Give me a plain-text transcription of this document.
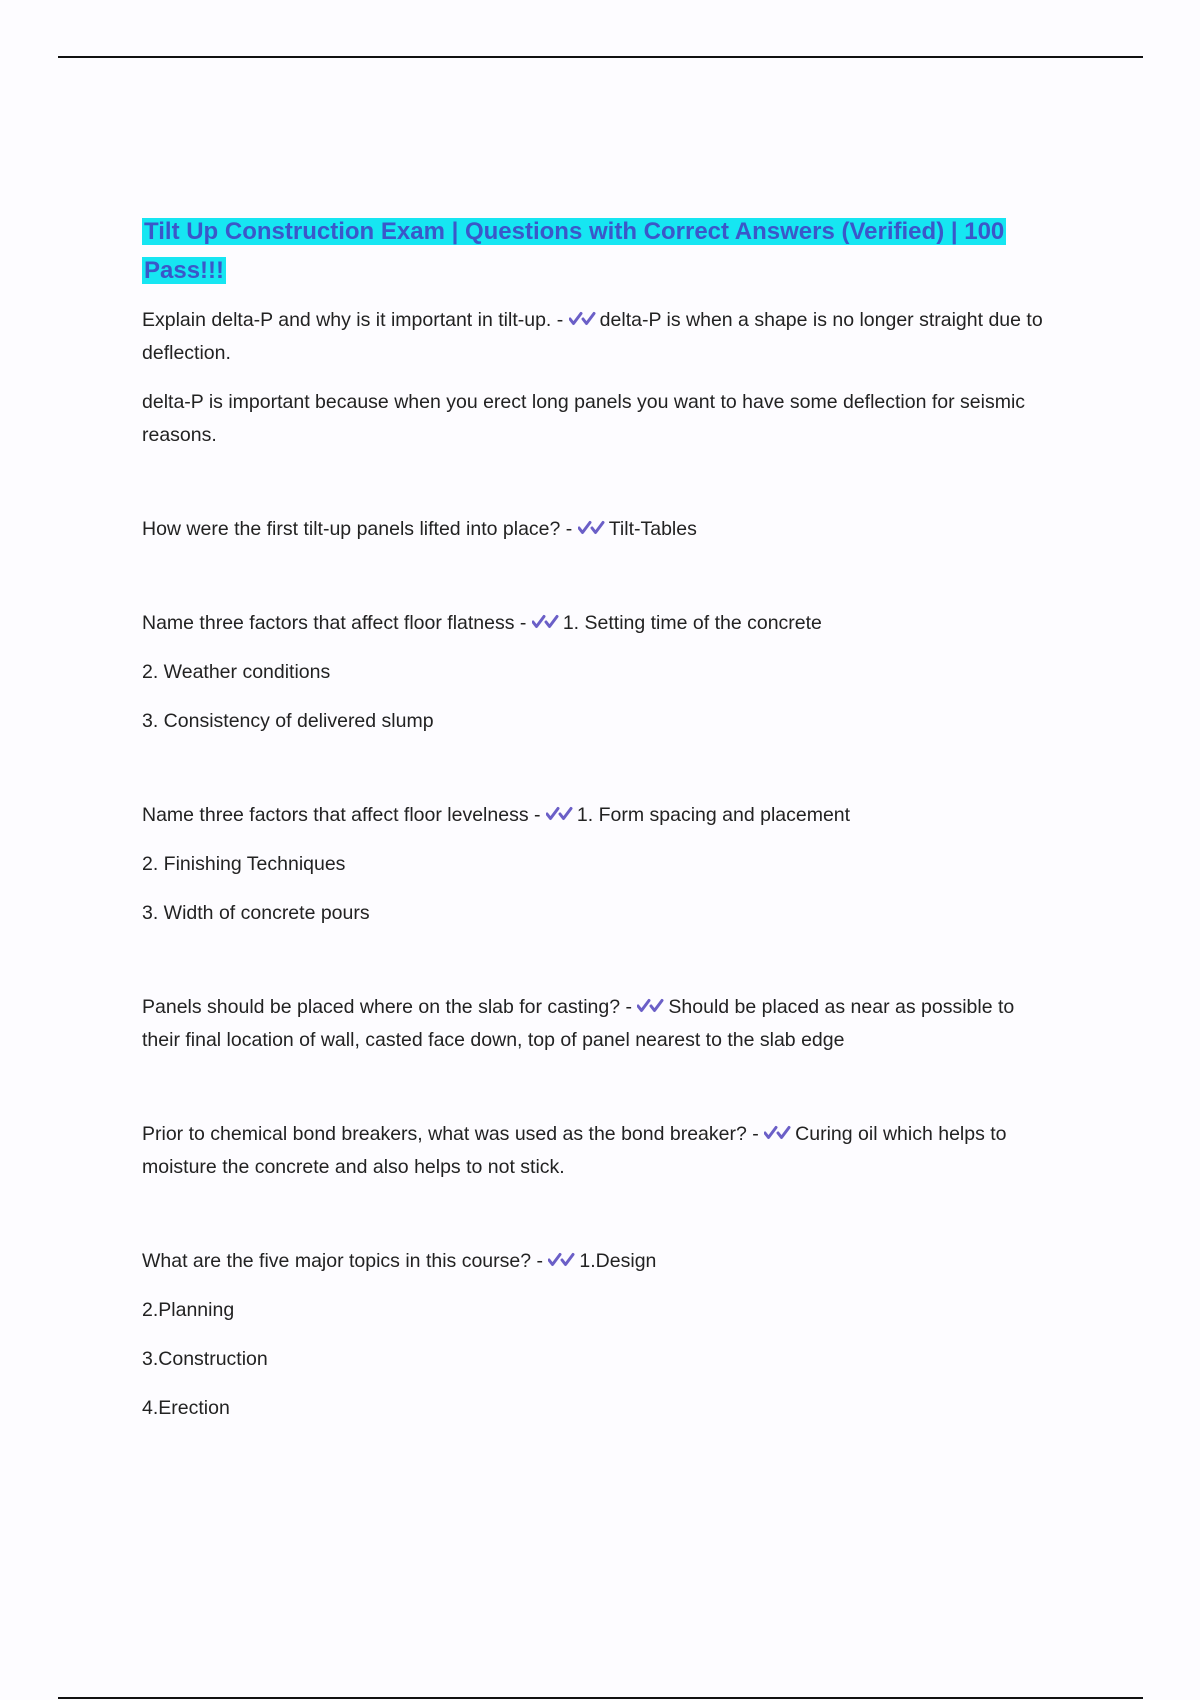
Tilt Up Construction Exam | Questions with Correct Answers (Verified) | 100 Pass!!!
Explain delta-P and why is it important in tilt-up. - delta-P is when a shape is no longer straight due to deflection.
delta-P is important because when you erect long panels you want to have some deflection for seismic reasons.
How were the first tilt-up panels lifted into place? - Tilt-Tables
Name three factors that affect floor flatness - 1. Setting time of the concrete
2. Weather conditions
3. Consistency of delivered slump
Name three factors that affect floor levelness - 1. Form spacing and placement
2. Finishing Techniques
3. Width of concrete pours
Panels should be placed where on the slab for casting? - Should be placed as near as possible to their final location of wall, casted face down, top of panel nearest to the slab edge
Prior to chemical bond breakers, what was used as the bond breaker? - Curing oil which helps to moisture the concrete and also helps to not stick.
What are the five major topics in this course? - 1.Design
2.Planning
3.Construction
4.Erection
